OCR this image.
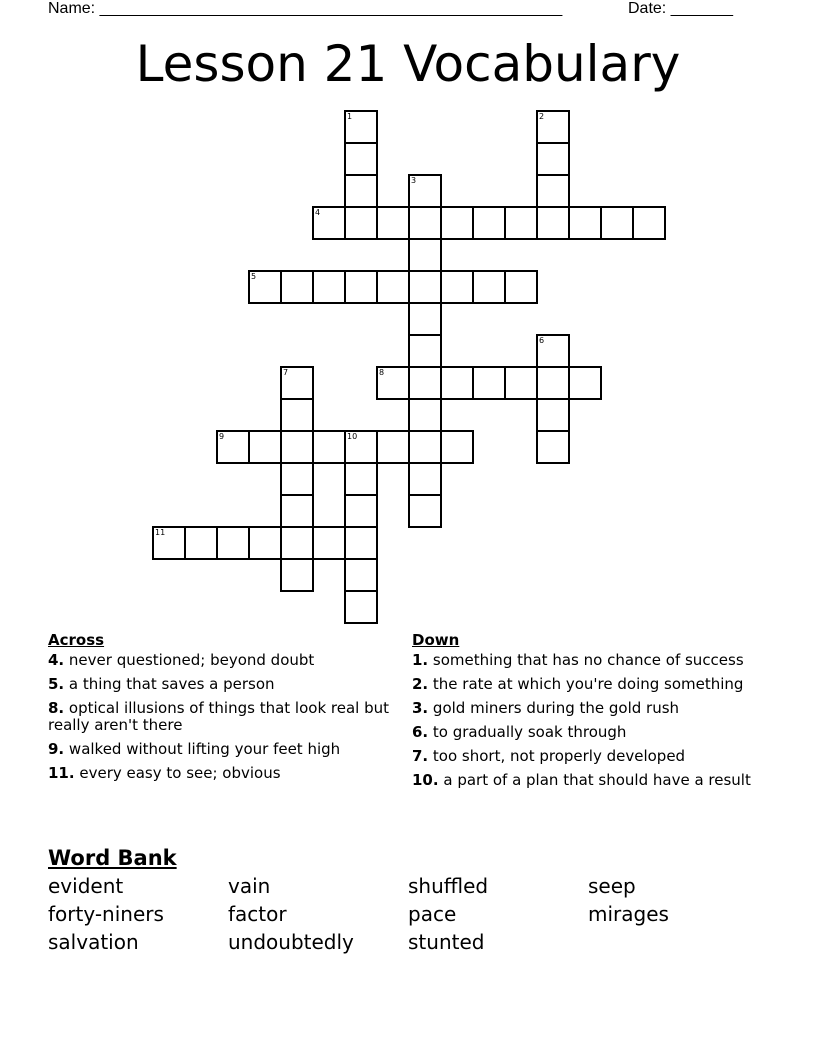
Name: ____________________________________________________	Date: _______
Lesson 21 Vocabulary
1	2
3
4
5
6
7	8
9	10
11
Across	Down
4. never questioned; beyond doubt
5. a thing that saves a person
8. optical illusions of things that look real but really aren't there
9. walked without lifting your feet high
11. every easy to see; obvious
1. something that has no chance of success
2. the rate at which you're doing something
3. gold miners during the gold rush
6. to gradually soak through
7. too short, not properly developed
10. a part of a plan that should have a result
Word Bank
evident	vain	shuffled	seep
forty-niners	factor	pace	mirages
salvation	undoubtedly	stunted
